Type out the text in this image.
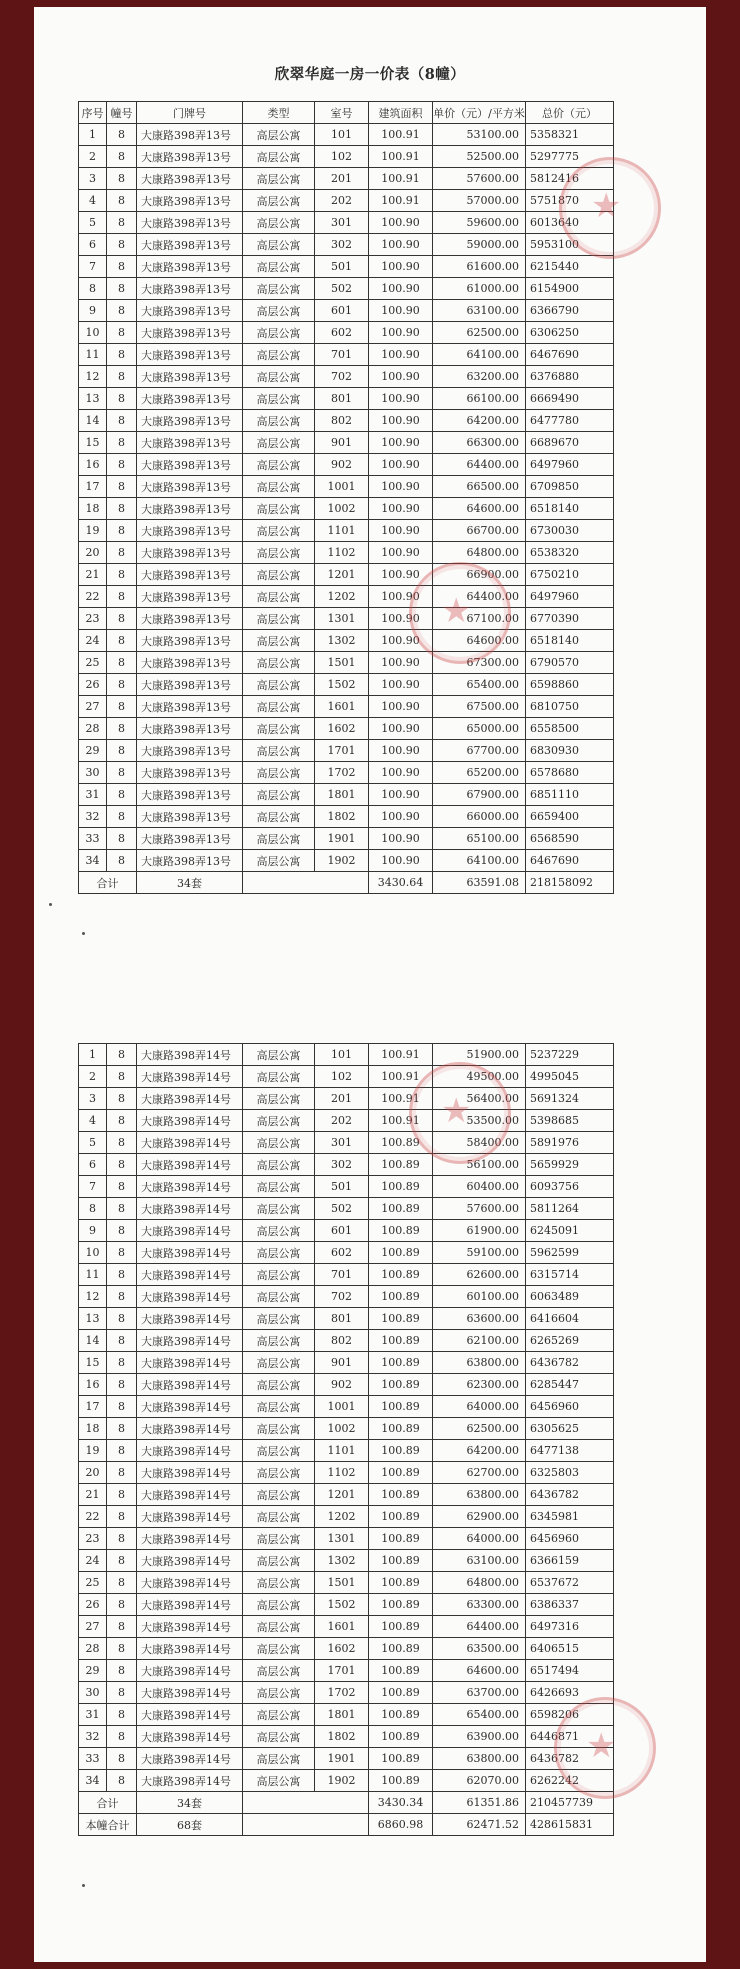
欣翠华庭一房一价表（8幢）
序号	幢号	门牌号	类型	室号	建筑面积	单价（元）/平方米	总价（元）
1	8	大康路398弄13号	高层公寓	101	100.91	53100.00	5358321
2	8	大康路398弄13号	高层公寓	102	100.91	52500.00	5297775
3	8	大康路398弄13号	高层公寓	201	100.91	57600.00	5812416
4	8	大康路398弄13号	高层公寓	202	100.91	57000.00	5751870
5	8	大康路398弄13号	高层公寓	301	100.90	59600.00	6013640
6	8	大康路398弄13号	高层公寓	302	100.90	59000.00	5953100
7	8	大康路398弄13号	高层公寓	501	100.90	61600.00	6215440
8	8	大康路398弄13号	高层公寓	502	100.90	61000.00	6154900
9	8	大康路398弄13号	高层公寓	601	100.90	63100.00	6366790
10	8	大康路398弄13号	高层公寓	602	100.90	62500.00	6306250
11	8	大康路398弄13号	高层公寓	701	100.90	64100.00	6467690
12	8	大康路398弄13号	高层公寓	702	100.90	63200.00	6376880
13	8	大康路398弄13号	高层公寓	801	100.90	66100.00	6669490
14	8	大康路398弄13号	高层公寓	802	100.90	64200.00	6477780
15	8	大康路398弄13号	高层公寓	901	100.90	66300.00	6689670
16	8	大康路398弄13号	高层公寓	902	100.90	64400.00	6497960
17	8	大康路398弄13号	高层公寓	1001	100.90	66500.00	6709850
18	8	大康路398弄13号	高层公寓	1002	100.90	64600.00	6518140
19	8	大康路398弄13号	高层公寓	1101	100.90	66700.00	6730030
20	8	大康路398弄13号	高层公寓	1102	100.90	64800.00	6538320
21	8	大康路398弄13号	高层公寓	1201	100.90	66900.00	6750210
22	8	大康路398弄13号	高层公寓	1202	100.90	64400.00	6497960
23	8	大康路398弄13号	高层公寓	1301	100.90	67100.00	6770390
24	8	大康路398弄13号	高层公寓	1302	100.90	64600.00	6518140
25	8	大康路398弄13号	高层公寓	1501	100.90	67300.00	6790570
26	8	大康路398弄13号	高层公寓	1502	100.90	65400.00	6598860
27	8	大康路398弄13号	高层公寓	1601	100.90	67500.00	6810750
28	8	大康路398弄13号	高层公寓	1602	100.90	65000.00	6558500
29	8	大康路398弄13号	高层公寓	1701	100.90	67700.00	6830930
30	8	大康路398弄13号	高层公寓	1702	100.90	65200.00	6578680
31	8	大康路398弄13号	高层公寓	1801	100.90	67900.00	6851110
32	8	大康路398弄13号	高层公寓	1802	100.90	66000.00	6659400
33	8	大康路398弄13号	高层公寓	1901	100.90	65100.00	6568590
34	8	大康路398弄13号	高层公寓	1902	100.90	64100.00	6467690
合计		34套			3430.64	63591.08	218158092
1	8	大康路398弄14号	高层公寓	101	100.91	51900.00	5237229
2	8	大康路398弄14号	高层公寓	102	100.91	49500.00	4995045
3	8	大康路398弄14号	高层公寓	201	100.91	56400.00	5691324
4	8	大康路398弄14号	高层公寓	202	100.91	53500.00	5398685
5	8	大康路398弄14号	高层公寓	301	100.89	58400.00	5891976
6	8	大康路398弄14号	高层公寓	302	100.89	56100.00	5659929
7	8	大康路398弄14号	高层公寓	501	100.89	60400.00	6093756
8	8	大康路398弄14号	高层公寓	502	100.89	57600.00	5811264
9	8	大康路398弄14号	高层公寓	601	100.89	61900.00	6245091
10	8	大康路398弄14号	高层公寓	602	100.89	59100.00	5962599
11	8	大康路398弄14号	高层公寓	701	100.89	62600.00	6315714
12	8	大康路398弄14号	高层公寓	702	100.89	60100.00	6063489
13	8	大康路398弄14号	高层公寓	801	100.89	63600.00	6416604
14	8	大康路398弄14号	高层公寓	802	100.89	62100.00	6265269
15	8	大康路398弄14号	高层公寓	901	100.89	63800.00	6436782
16	8	大康路398弄14号	高层公寓	902	100.89	62300.00	6285447
17	8	大康路398弄14号	高层公寓	1001	100.89	64000.00	6456960
18	8	大康路398弄14号	高层公寓	1002	100.89	62500.00	6305625
19	8	大康路398弄14号	高层公寓	1101	100.89	64200.00	6477138
20	8	大康路398弄14号	高层公寓	1102	100.89	62700.00	6325803
21	8	大康路398弄14号	高层公寓	1201	100.89	63800.00	6436782
22	8	大康路398弄14号	高层公寓	1202	100.89	62900.00	6345981
23	8	大康路398弄14号	高层公寓	1301	100.89	64000.00	6456960
24	8	大康路398弄14号	高层公寓	1302	100.89	63100.00	6366159
25	8	大康路398弄14号	高层公寓	1501	100.89	64800.00	6537672
26	8	大康路398弄14号	高层公寓	1502	100.89	63300.00	6386337
27	8	大康路398弄14号	高层公寓	1601	100.89	64400.00	6497316
28	8	大康路398弄14号	高层公寓	1602	100.89	63500.00	6406515
29	8	大康路398弄14号	高层公寓	1701	100.89	64600.00	6517494
30	8	大康路398弄14号	高层公寓	1702	100.89	63700.00	6426693
31	8	大康路398弄14号	高层公寓	1801	100.89	65400.00	6598206
32	8	大康路398弄14号	高层公寓	1802	100.89	63900.00	6446871
33	8	大康路398弄14号	高层公寓	1901	100.89	63800.00	6436782
34	8	大康路398弄14号	高层公寓	1902	100.89	62070.00	6262242
合计		34套			3430.34	61351.86	210457739
本幢合计		68套			6860.98	62471.52	428615831
★
★
★
★
